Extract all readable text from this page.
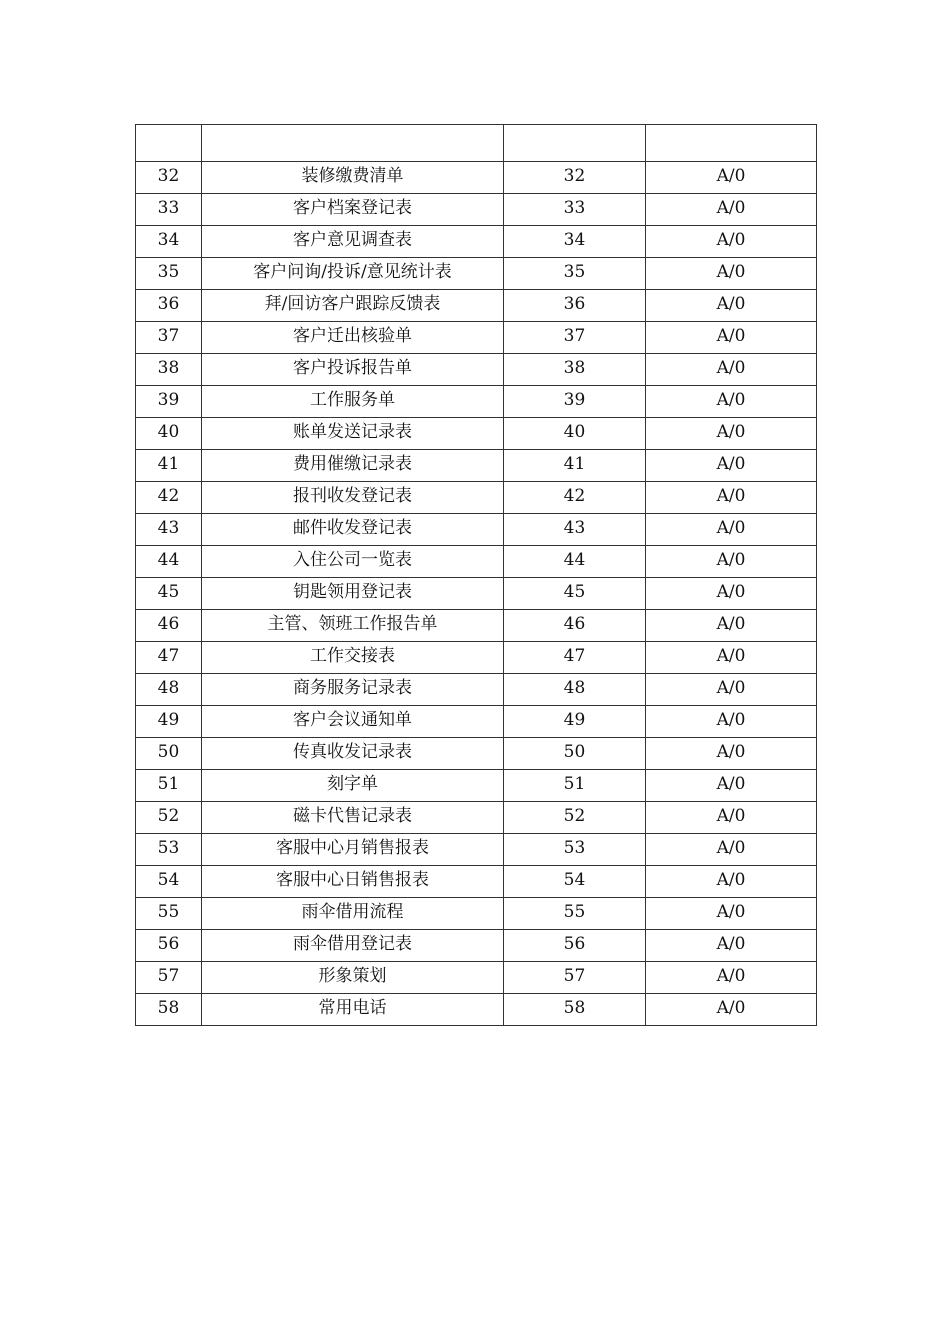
32	装修缴费清单	32	A/0
33	客户档案登记表	33	A/0
34	客户意见调查表	34	A/0
35	客户问询/投诉/意见统计表	35	A/0
36	拜/回访客户跟踪反馈表	36	A/0
37	客户迁出核验单	37	A/0
38	客户投诉报告单	38	A/0
39	工作服务单	39	A/0
40	账单发送记录表	40	A/0
41	费用催缴记录表	41	A/0
42	报刊收发登记表	42	A/0
43	邮件收发登记表	43	A/0
44	入住公司一览表	44	A/0
45	钥匙领用登记表	45	A/0
46	主管、领班工作报告单	46	A/0
47	工作交接表	47	A/0
48	商务服务记录表	48	A/0
49	客户会议通知单	49	A/0
50	传真收发记录表	50	A/0
51	刻字单	51	A/0
52	磁卡代售记录表	52	A/0
53	客服中心月销售报表	53	A/0
54	客服中心日销售报表	54	A/0
55	雨伞借用流程	55	A/0
56	雨伞借用登记表	56	A/0
57	形象策划	57	A/0
58	常用电话	58	A/0
